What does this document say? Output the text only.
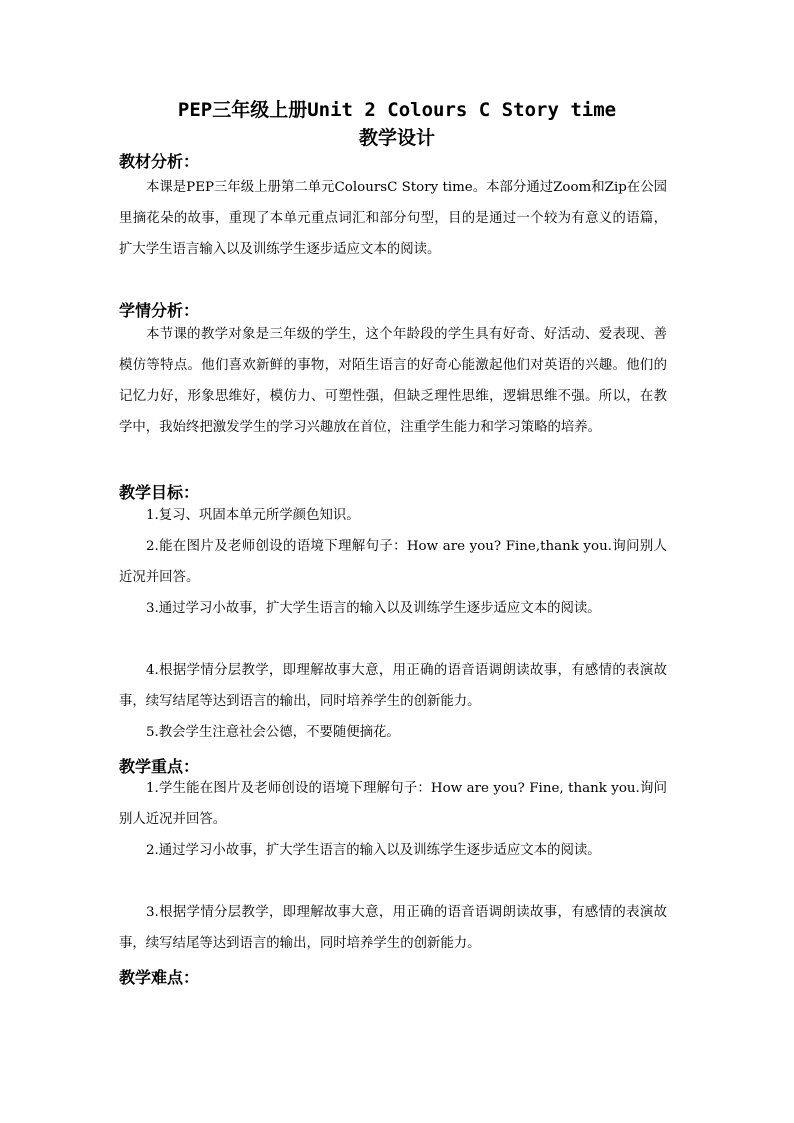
PEP三年级上册Unit 2 Colours C Story time
教学设计
教材分析：
本课是PEP三年级上册第二单元ColoursC Story time。本部分通过Zoom和Zip在公园里摘花朵的故事，重现了本单元重点词汇和部分句型，目的是通过一个较为有意义的语篇，扩大学生语言输入以及训练学生逐步适应文本的阅读。
学情分析：
本节课的教学对象是三年级的学生，这个年龄段的学生具有好奇、好活动、爱表现、善模仿等特点。他们喜欢新鲜的事物，对陌生语言的好奇心能激起他们对英语的兴趣。他们的记忆力好，形象思维好，模仿力、可塑性强，但缺乏理性思维，逻辑思维不强。所以，在教学中，我始终把激发学生的学习兴趣放在首位，注重学生能力和学习策略的培养。
教学目标：
1.复习、巩固本单元所学颜色知识。
2.能在图片及老师创设的语境下理解句子：How are you? Fine,thank you.询问别人近况并回答。
3.通过学习小故事，扩大学生语言的输入以及训练学生逐步适应文本的阅读。
4.根据学情分层教学，即理解故事大意，用正确的语音语调朗读故事，有感情的表演故事，续写结尾等达到语言的输出，同时培养学生的创新能力。
5.教会学生注意社会公德，不要随便摘花。
教学重点：
1.学生能在图片及老师创设的语境下理解句子：How are you? Fine, thank you.询问别人近况并回答。
2.通过学习小故事，扩大学生语言的输入以及训练学生逐步适应文本的阅读。
3.根据学情分层教学，即理解故事大意，用正确的语音语调朗读故事，有感情的表演故事，续写结尾等达到语言的输出，同时培养学生的创新能力。
教学难点：
